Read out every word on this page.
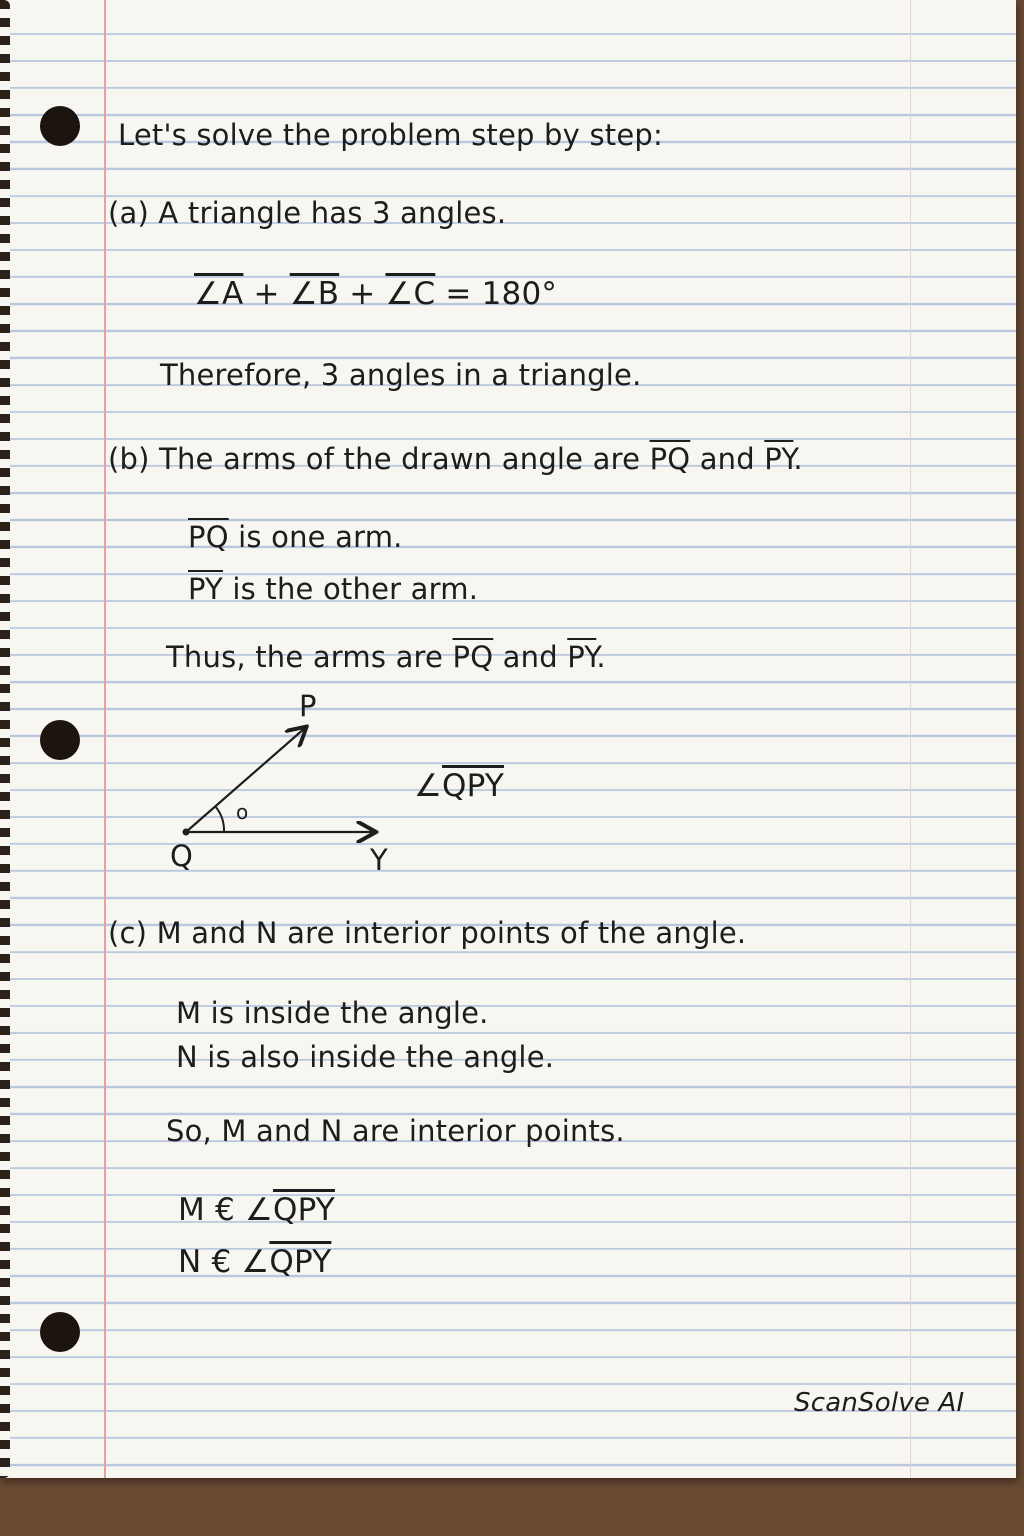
Let's solve the problem step by step:

(a) A triangle has 3 angles.

∠A + ∠B + ∠C = 180°

Therefore, 3 angles in a triangle.

(b) The arms of the drawn angle are $\overline{PQ}$ and $\overline{PY}$.

$\overline{PQ}$ is one arm.

$\overline{PY}$ is the other arm.

Thus, the arms are $\overline{PQ}$ and $\overline{PY}$.

o
P
Q	Y

$\angle\overline{QPY}$

(c) M and N are interior points of the angle.

M is inside the angle.

N is also inside the angle.

So, M and N are interior points.

M € $\angle\overline{QPY}$

N € $\angle\overline{QPY}$

ScanSolve AI
